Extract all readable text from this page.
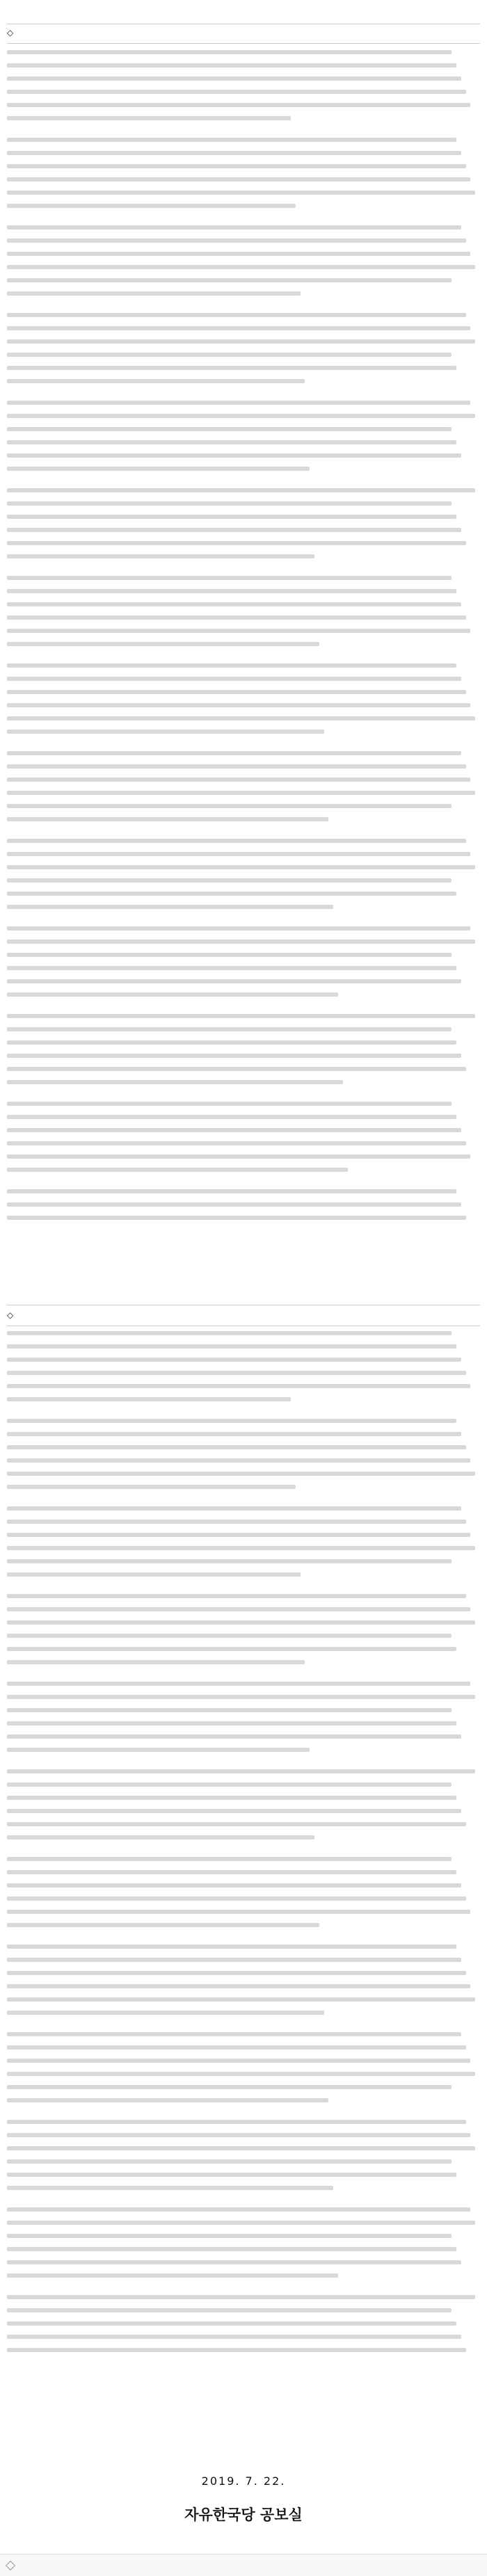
◇
◇
2019. 7. 22.
자유한국당 공보실
